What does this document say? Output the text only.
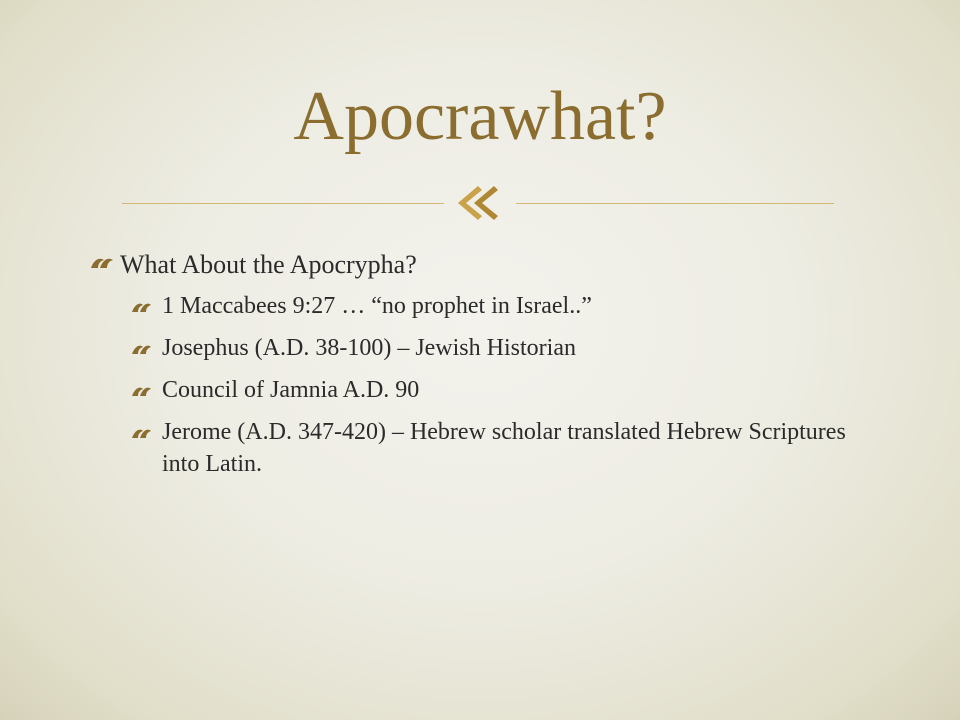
Apocrawhat?
What About the Apocrypha?
1 Maccabees 9:27 … “no prophet in Israel..”
Josephus (A.D. 38-100) – Jewish Historian
Council of Jamnia A.D. 90
Jerome (A.D. 347-420) – Hebrew scholar translated Hebrew Scriptures into Latin.
